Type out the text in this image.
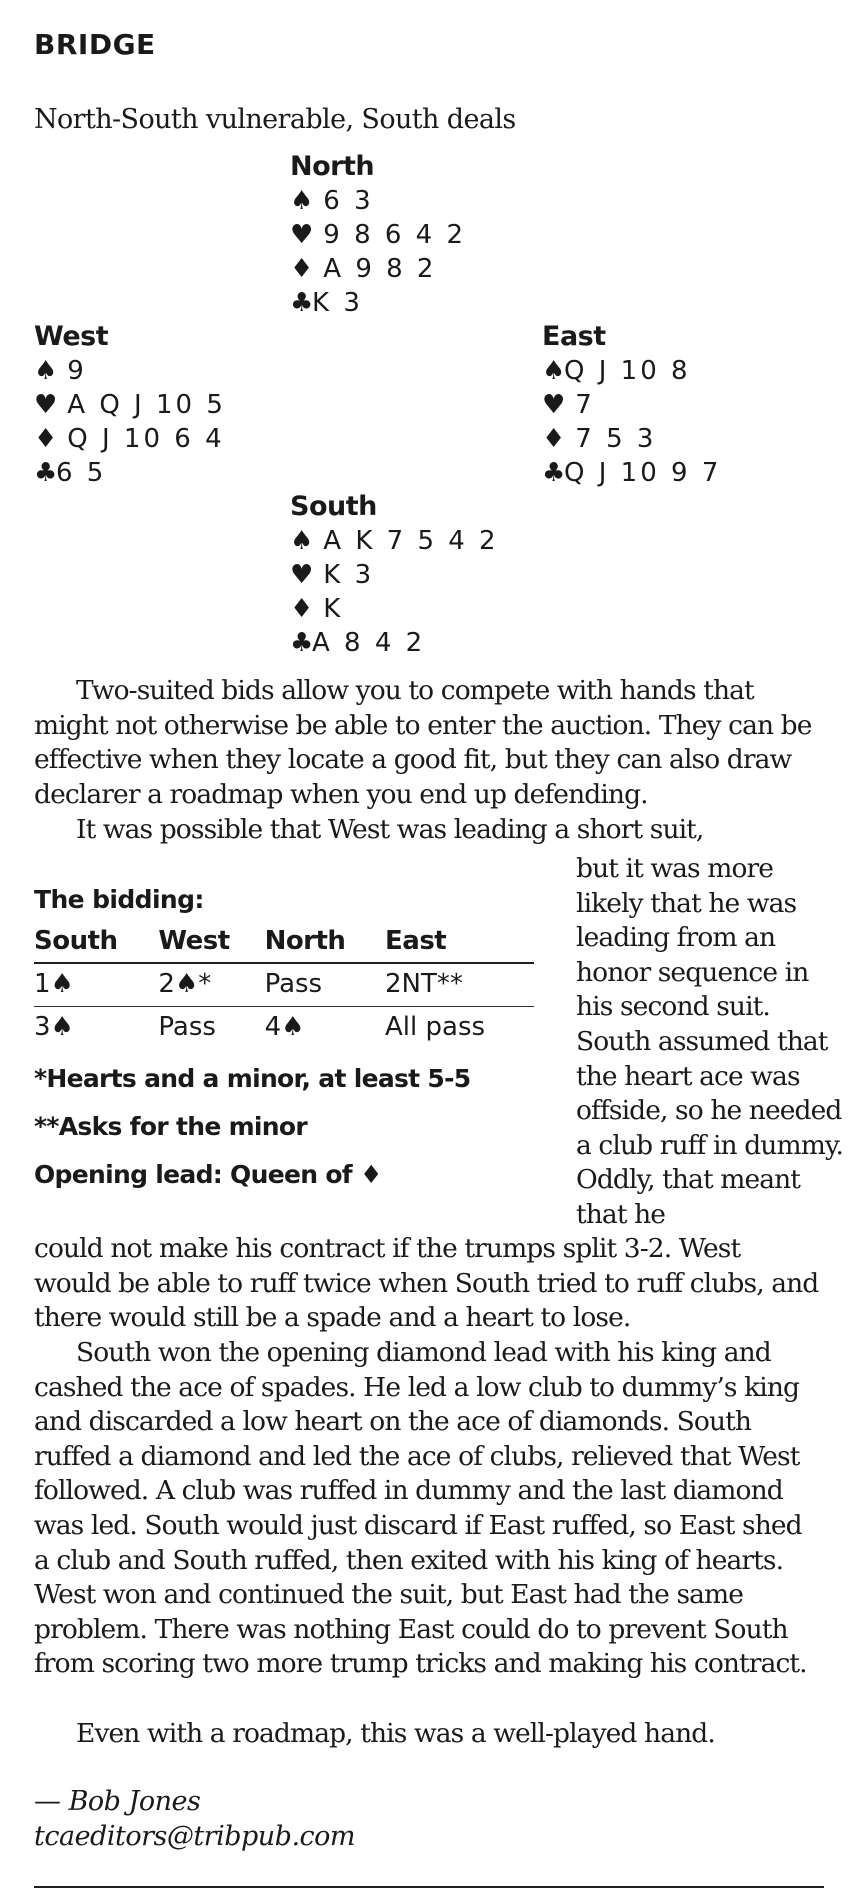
BRIDGE
North-South vulnerable, South deals
North
♠ 6 3
♥ 9 8 6 4 2
♦ A 9 8 2
♣K 3
West
♠ 9
♥ A Q J 10 5
♦ Q J 10 6 4
♣6 5
East
♠Q J 10 8
♥ 7
♦ 7 5 3
♣Q J 10 9 7
South
♠ A K 7 5 4 2
♥ K 3
♦ K
♣A 8 4 2

Two-suited bids allow you to compete with hands that might not otherwise be able to enter the auction. They can be effective when they locate a good fit, but they can also draw declarer a roadmap when you end up defending.

It was possible that West was leading a short suit,

The bidding:
South	West	North	East
1♠	2♠*	Pass	2NT**
3♠	Pass	4♠	All pass
*Hearts and a minor, at least 5-5
**Asks for the minor
Opening lead: Queen of ♦

but it was more likely that he was leading from an honor sequence in his second suit. South assumed that the heart ace was offside, so he needed a club ruff in dummy. Oddly, that meant that he

could not make his contract if the trumps split 3-2. West would be able to ruff twice when South tried to ruff clubs, and there would still be a spade and a heart to lose.

South won the opening diamond lead with his king and cashed the ace of spades. He led a low club to dummy’s king and discarded a low heart on the ace of diamonds. South ruffed a diamond and led the ace of clubs, relieved that West followed. A club was ruffed in dummy and the last diamond was led. South would just discard if East ruffed, so East shed a club and South ruffed, then exited with his king of hearts. West won and continued the suit, but East had the same problem. There was nothing East could do to prevent South from scoring two more trump tricks and making his contract.

Even with a roadmap, this was a well-played hand.

— Bob Jones
tcaeditors@tribpub.com
